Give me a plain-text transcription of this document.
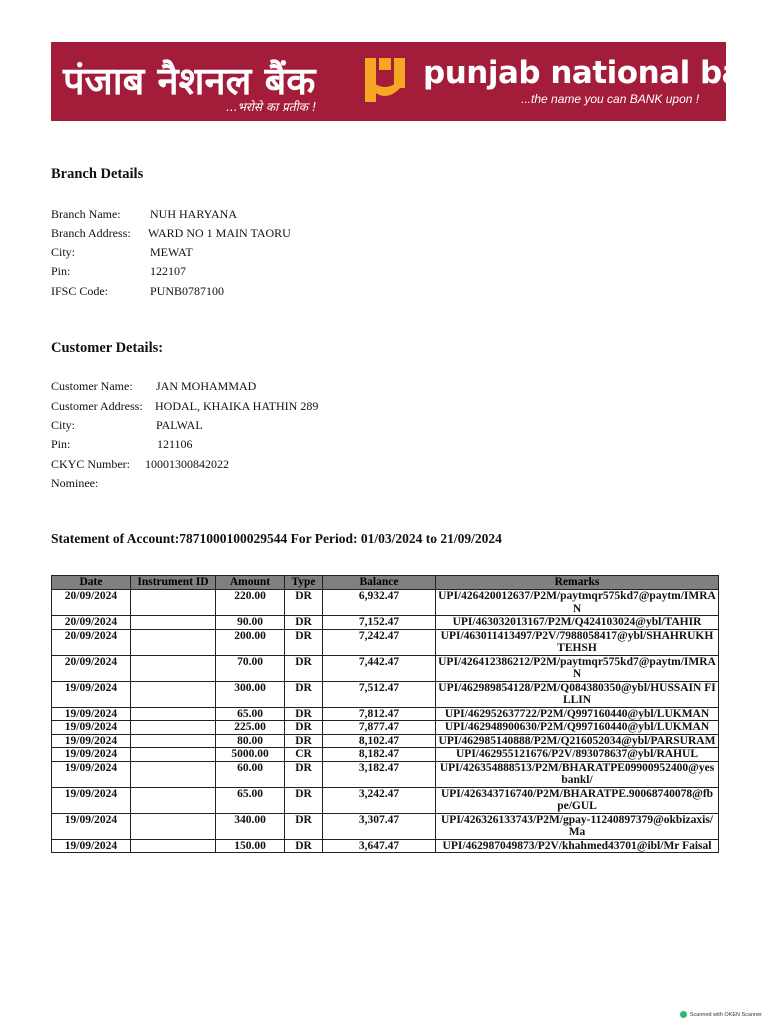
पंजाब नैशनल बैंक
...भरोसे का प्रतीक !
punjab national bank
...the name you can BANK upon !
Branch Details
Branch Name: NUH HARYANA
Branch Address: WARD NO 1 MAIN TAORU
City:	MEWAT
Pin:	122107
IFSC Code:	PUNB0787100
Customer Details:
Customer Name: JAN MOHAMMAD
Customer Address: HODAL, KHAIKA HATHIN 289
City:	PALWAL
Pin:	121106
CKYC Number: 10001300842022
Nominee:
Statement of Account:7871000100029544 For Period: 01/03/2024 to 21/09/2024
Date	Instrument ID	Amount	Type	Balance	Remarks
20/09/2024		220.00	DR	6,932.47	UPI/426420012637/P2M/paytmqr575kd7@paytm/IMRAN
20/09/2024		90.00	DR	7,152.47	UPI/463032013167/P2M/Q424103024@ybl/TAHIR
20/09/2024		200.00	DR	7,242.47	UPI/463011413497/P2V/7988058417@ybl/SHAHRUKH TEHSH
20/09/2024		70.00	DR	7,442.47	UPI/426412386212/P2M/paytmqr575kd7@paytm/IMRAN
19/09/2024		300.00	DR	7,512.47	UPI/462989854128/P2M/Q084380350@ybl/HUSSAIN FILLIN
19/09/2024		65.00	DR	7,812.47	UPI/462952637722/P2M/Q997160440@ybl/LUKMAN
19/09/2024		225.00	DR	7,877.47	UPI/462948900630/P2M/Q997160440@ybl/LUKMAN
19/09/2024		80.00	DR	8,102.47	UPI/462985140888/P2M/Q216052034@ybl/PARSURAM
19/09/2024		5000.00	CR	8,182.47	UPI/462955121676/P2V/893078637@ybl/RAHUL
19/09/2024		60.00	DR	3,182.47	UPI/426354888513/P2M/BHARATPE09900952400@yesbankl/
19/09/2024		65.00	DR	3,242.47	UPI/426343716740/P2M/BHARATPE.90068740078@fbpe/GUL
19/09/2024		340.00	DR	3,307.47	UPI/426326133743/P2M/gpay-11240897379@okbizaxis/Ma
19/09/2024		150.00	DR	3,647.47	UPI/462987049873/P2V/khahmed43701@ibl/Mr Faisal
Scanned with OKEN Scanner
